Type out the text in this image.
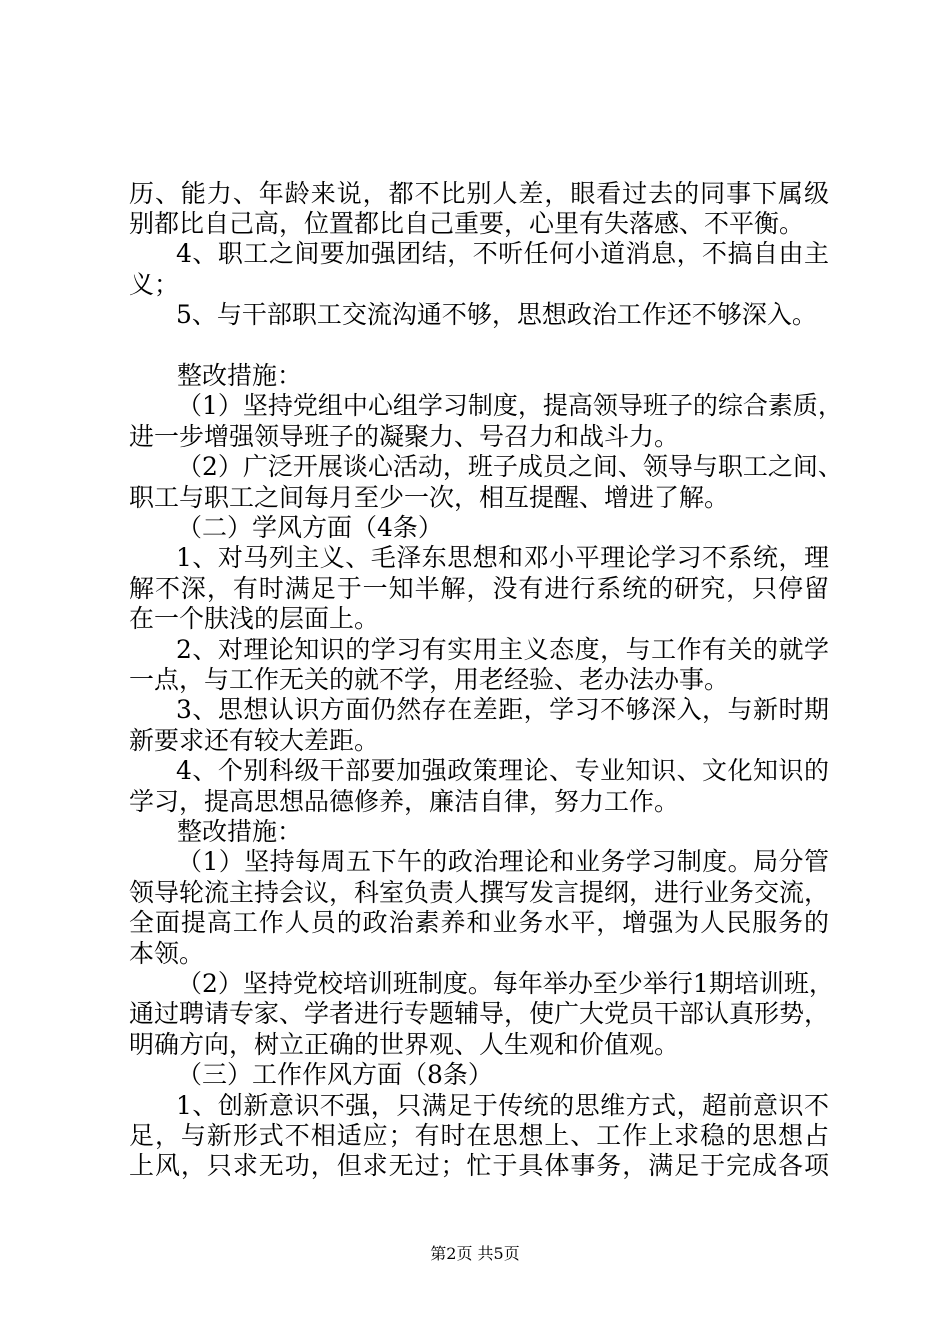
历、能力、年龄来说，都不比别人差，眼看过去的同事下属级
别都比自己高，位置都比自己重要，心里有失落感、不平衡。
4、职工之间要加强团结，不听任何小道消息，不搞自由主
义；
5、与干部职工交流沟通不够，思想政治工作还不够深入。
整改措施：
（1）坚持党组中心组学习制度，提高领导班子的综合素质，
进一步增强领导班子的凝聚力、号召力和战斗力。
（2）广泛开展谈心活动，班子成员之间、领导与职工之间、
职工与职工之间每月至少一次，相互提醒、增进了解。
（二）学风方面（4条）
1、对马列主义、毛泽东思想和邓小平理论学习不系统，理
解不深，有时满足于一知半解，没有进行系统的研究，只停留
在一个肤浅的层面上。
2、对理论知识的学习有实用主义态度，与工作有关的就学
一点，与工作无关的就不学，用老经验、老办法办事。
3、思想认识方面仍然存在差距，学习不够深入，与新时期
新要求还有较大差距。
4、个别科级干部要加强政策理论、专业知识、文化知识的
学习，提高思想品德修养，廉洁自律，努力工作。
整改措施：
（1）坚持每周五下午的政治理论和业务学习制度。局分管
领导轮流主持会议，科室负责人撰写发言提纲，进行业务交流，
全面提高工作人员的政治素养和业务水平，增强为人民服务的
本领。
（2）坚持党校培训班制度。每年举办至少举行1期培训班，
通过聘请专家、学者进行专题辅导，使广大党员干部认真形势，
明确方向，树立正确的世界观、人生观和价值观。
（三）工作作风方面（8条）
1、创新意识不强，只满足于传统的思维方式，超前意识不
足，与新形式不相适应；有时在思想上、工作上求稳的思想占
上风，只求无功，但求无过；忙于具体事务，满足于完成各项
第2页 共5页
